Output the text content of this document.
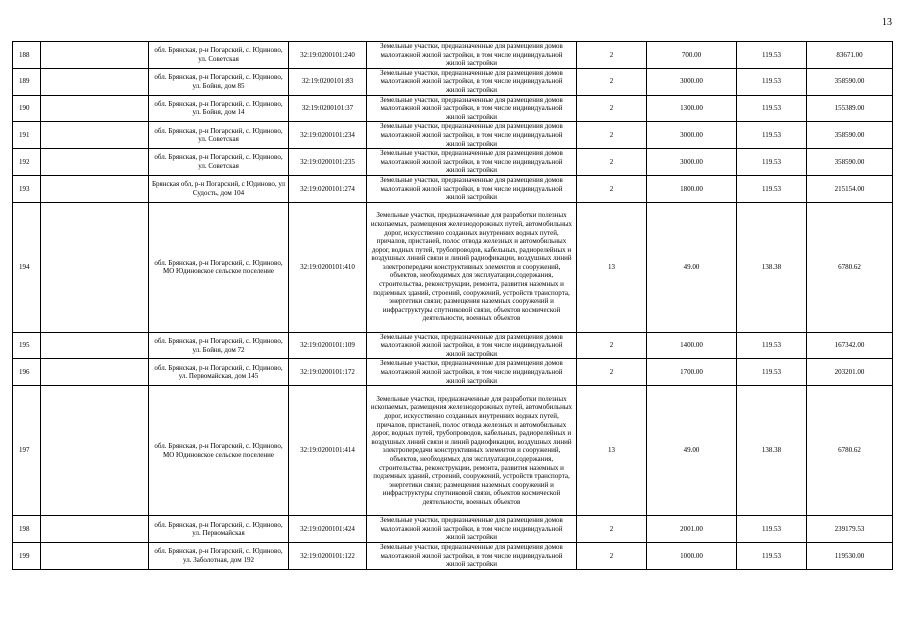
13
188		обл. Брянская, р-н Погарский, с. Юдиново, ул. Советская	32:19:0200101:240	Земельные участки, предназначенные для размещения домов малоэтажной жилой застройки, в том числе индивидуальной жилой застройки	2	700.00	119.53	83671.00
189		обл. Брянская, р-н Погарский, с. Юдиново, ул. Бойня, дом 85	32:19:0200101:83	Земельные участки, предназначенные для размещения домов малоэтажной жилой застройки, в том числе индивидуальной жилой застройки	2	3000.00	119.53	358590.00
190		обл. Брянская, р-н Погарский, с. Юдиново, ул. Бойня, дом 14	32:19:0200101:37	Земельные участки, предназначенные для размещения домов малоэтажной жилой застройки, в том числе индивидуальной жилой застройки	2	1300.00	119.53	155389.00
191		обл. Брянская, р-н Погарский, с. Юдиново, ул. Советская	32:19:0200101:234	Земельные участки, предназначенные для размещения домов малоэтажной жилой застройки, в том числе индивидуальной жилой застройки	2	3000.00	119.53	358590.00
192		обл. Брянская, р-н Погарский, с. Юдиново, ул. Советская	32:19:0200101:235	Земельные участки, предназначенные для размещения домов малоэтажной жилой застройки, в том числе индивидуальной жилой застройки	2	3000.00	119.53	358590.00
193		Брянская обл, р-н Погарский, с Юдиново, ул Судость, дом 104	32:19:0200101:274	Земельные участки, предназначенные для размещения домов малоэтажной жилой застройки, в том числе индивидуальной жилой застройки	2	1800.00	119.53	215154.00
194		обл. Брянская, р-н Погарский, с. Юдиново, МО Юдиновское сельское поселение	32:19:0200101:410	Земельные участки, предназначенные для разработки полезных ископаемых, размещения железнодорожных путей, автомобильных дорог, искусственно созданных внутренних водных путей, причалов, пристаней, полос отвода железных и автомобильных дорог, водных путей, трубопроводов, кабельных, радиорелейных и воздушных линий связи и линий радиофикации, воздушных линий электропередачи конструктивных элементов и сооружений, объектов, необходимых для эксплуатации,содержания, строительства, реконструкции, ремонта, развития наземных и подземных зданий, строений, сооружений, устройств транспорта, энергетики связи; размещения наземных сооружений и инфраструктуры спутниковой связи, объектов космической деятельности, военных объектов	13	49.00	138.38	6780.62
195		обл. Брянская, р-н Погарский, с. Юдиново, ул. Бойня, дом 72	32:19:0200101:109	Земельные участки, предназначенные для размещения домов малоэтажной жилой застройки, в том числе индивидуальной жилой застройки	2	1400.00	119.53	167342.00
196		обл. Брянская, р-н Погарский, с. Юдиново, ул. Первомайская, дом 145	32:19:0200101:172	Земельные участки, предназначенные для размещения домов малоэтажной жилой застройки, в том числе индивидуальной жилой застройки	2	1700.00	119.53	203201.00
197		обл. Брянская, р-н Погарский, с. Юдиново, МО Юдиновское сельское поселение	32:19:0200101:414	Земельные участки, предназначенные для разработки полезных ископаемых, размещения железнодорожных путей, автомобильных дорог, искусственно созданных внутренних водных путей, причалов, пристаней, полос отвода железных и автомобильных дорог, водных путей, трубопроводов, кабельных, радиорелейных и воздушных линий связи и линий радиофикации, воздушных линий электропередачи конструктивных элементов и сооружений, объектов, необходимых для эксплуатации,содержания, строительства, реконструкции, ремонта, развития наземных и подземных зданий, строений, сооружений, устройств транспорта, энергетики связи; размещения наземных сооружений и инфраструктуры спутниковой связи, объектов космической деятельности, военных объектов	13	49.00	138.38	6780.62
198		обл. Брянская, р-н Погарский, с. Юдиново, ул. Первомайская	32:19:0200101:424	Земельные участки, предназначенные для размещения домов малоэтажной жилой застройки, в том числе индивидуальной жилой застройки	2	2001.00	119.53	239179.53
199		обл. Брянская, р-н Погарский, с. Юдиново, ул. Заболотная, дом 192	32:19:0200101:122	Земельные участки, предназначенные для размещения домов малоэтажной жилой застройки, в том числе индивидуальной жилой застройки	2	1000.00	119.53	119530.00
